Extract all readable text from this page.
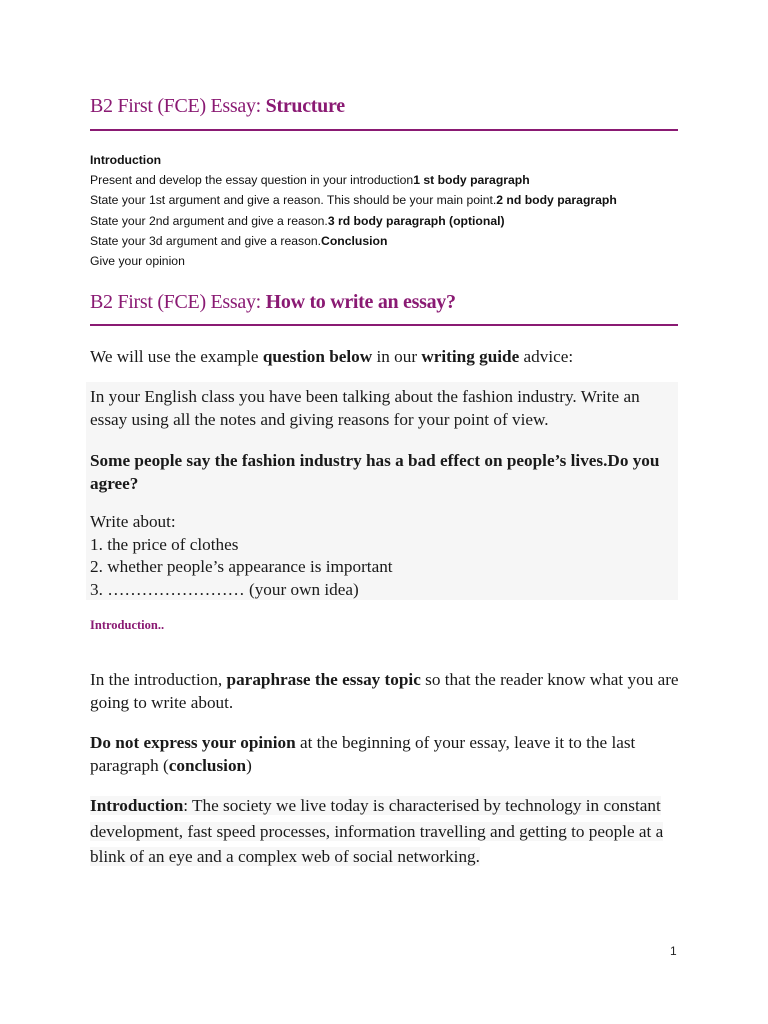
B2 First (FCE) Essay: Structure
Introduction
Present and develop the essay question in your introduction1 st body paragraph
State your 1st argument and give a reason. This should be your main point.2 nd body paragraph
State your 2nd argument and give a reason.3 rd body paragraph (optional)
State your 3d argument and give a reason.Conclusion
Give your opinion
B2 First (FCE) Essay: How to write an essay?
We will use the example question below in our writing guide advice:
In your English class you have been talking about the fashion industry. Write an essay using all the notes and giving reasons for your point of view.
Some people say the fashion industry has a bad effect on people’s lives.Do you agree?
Write about:
1. the price of clothes
2. whether people’s appearance is important
3. …………………… (your own idea)
Introduction..
In the introduction, paraphrase the essay topic so that the reader know what you are going to write about.
Do not express your opinion at the beginning of your essay, leave it to the last paragraph (conclusion)
Introduction: The society we live today is characterised by technology in constant development, fast speed processes, information travelling and getting to people at a blink of an eye and a complex web of social networking.
1
